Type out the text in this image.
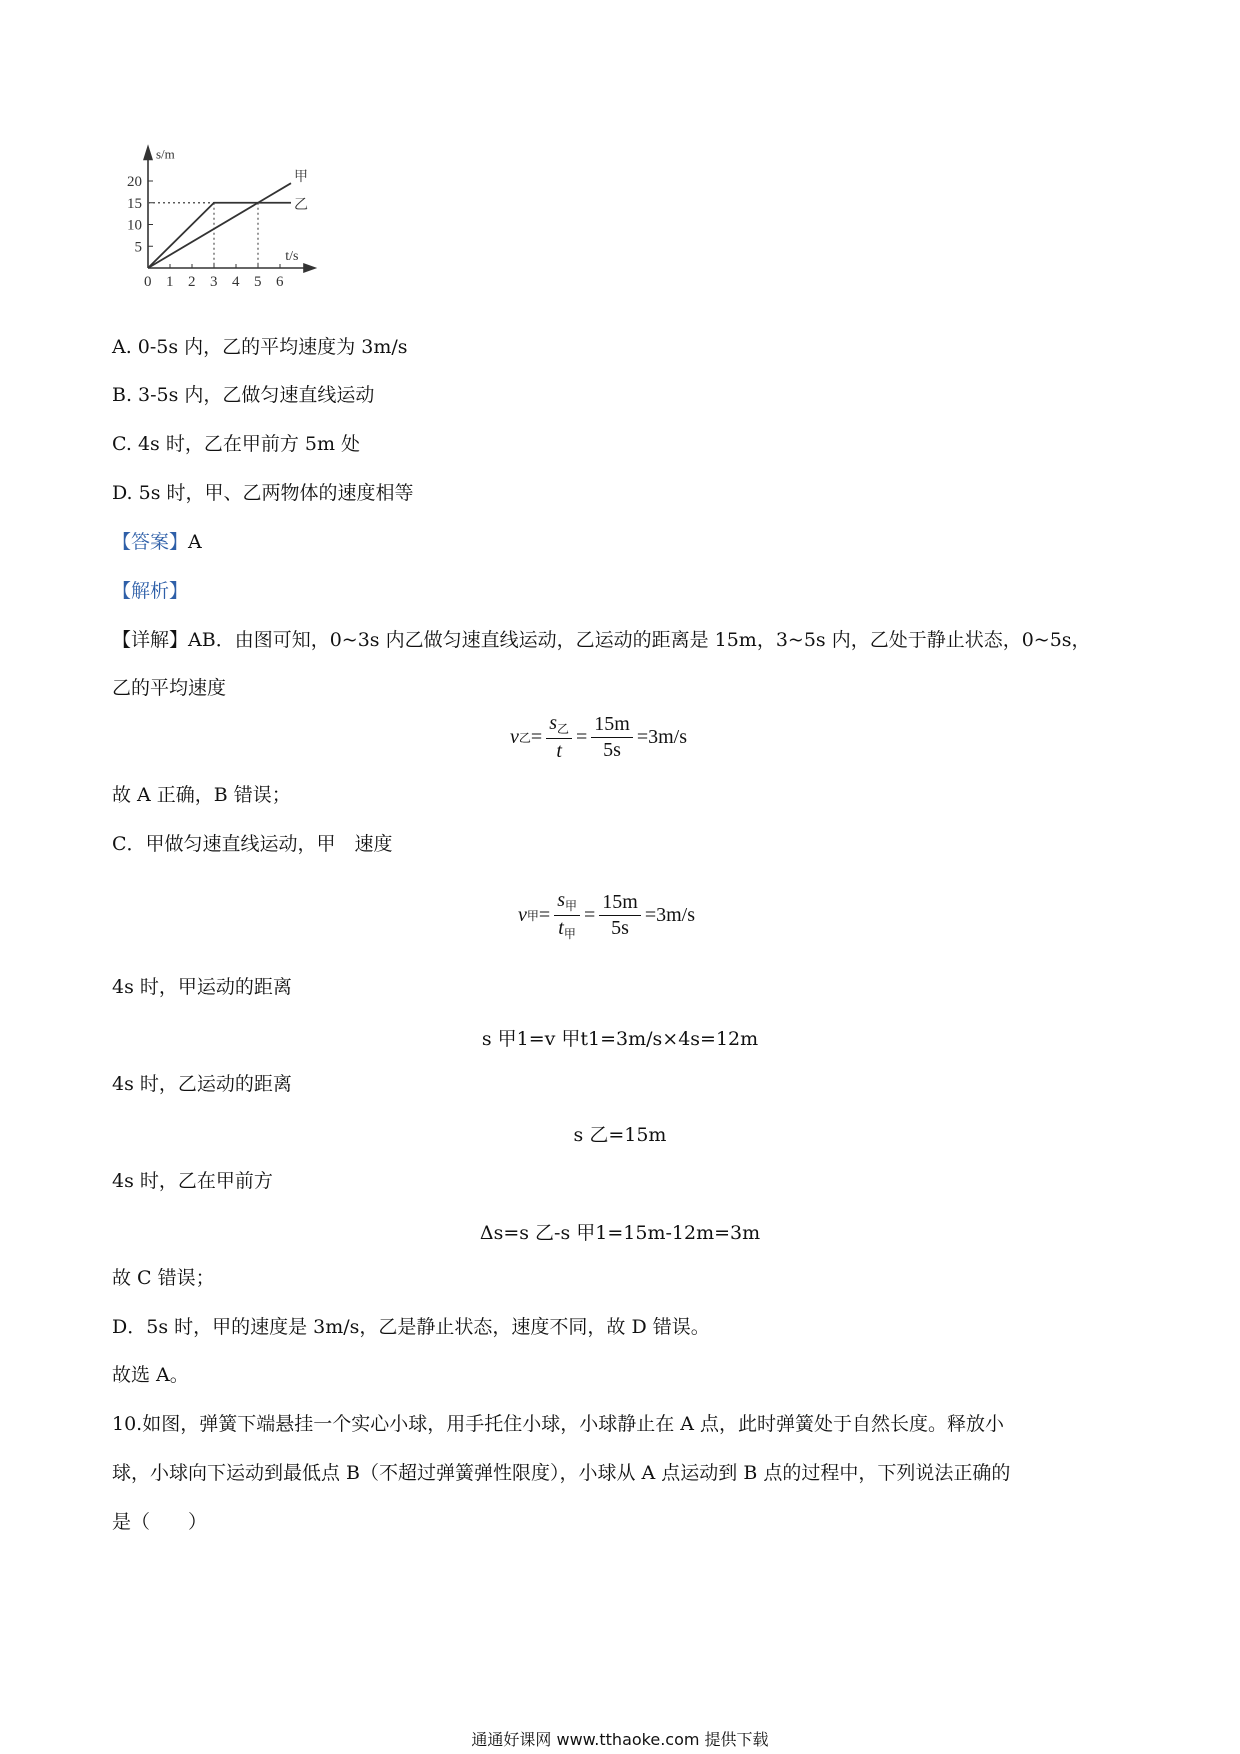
s/m
t/s
0 1 2 3 4 5 6
5
10
15
20	甲
乙
A. 0-5s 内，乙的平均速度为 3m/s
B. 3-5s 内，乙做匀速直线运动
C. 4s 时，乙在甲前方 5m 处
D. 5s 时，甲、乙两物体的速度相等
【答案】A
【解析】
【详解】AB．由图可知，0~3s 内乙做匀速直线运动，乙运动的距离是 15m，3~5s 内，乙处于静止状态，0~5s，
乙的平均速度
v 乙 = $\frac{s_乙}{t} = \frac{15m}{5s} =3m/s$
故 A 正确，B 错误；
C．甲做匀速直线运动，甲　速度
v 甲 = $\frac{s_甲}{t_甲} = \frac{15m}{5s} =3m/s$
4s 时，甲运动的距离
s 甲1=v 甲t1=3m/s×4s=12m
4s 时，乙运动的距离
s 乙=15m
4s 时，乙在甲前方
Δs=s 乙-s 甲1=15m-12m=3m
故 C 错误；
D．5s 时，甲的速度是 3m/s，乙是静止状态，速度不同，故 D 错误。
故选 A。
10.如图，弹簧下端悬挂一个实心小球，用手托住小球，小球静止在 A 点，此时弹簧处于自然长度。释放小
球，小球向下运动到最低点 B（不超过弹簧弹性限度），小球从 A 点运动到 B 点的过程中，下列说法正确的
是（　　）
通通好课网 www.tthaoke.com 提供下载
